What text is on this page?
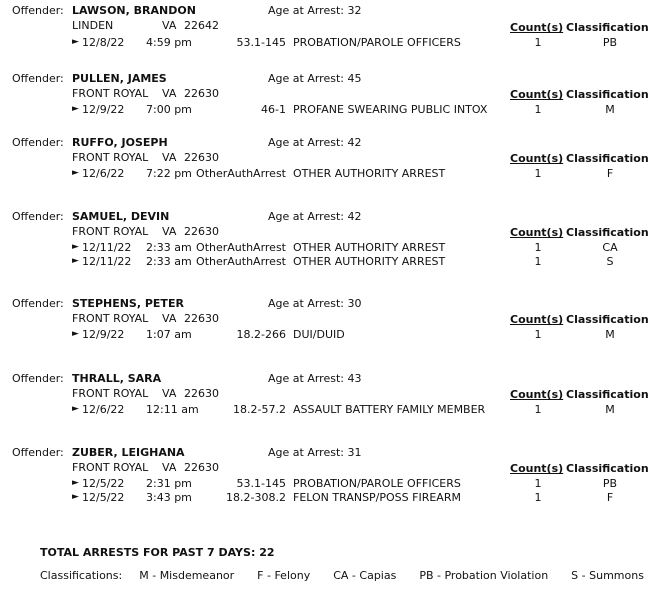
Offender: LAWSON, BRANDON	Age at Arrest: 32
LINDEN	VA 22642	Count(s) Classification
► 12/8/22 4:59 pm	53.1-145 PROBATION/PAROLE OFFICERS	1	PB
Offender: PULLEN, JAMES	Age at Arrest: 45
FRONT ROYAL VA 22630	Count(s) Classification
► 12/9/22 7:00 pm	46-1 PROFANE SWEARING PUBLIC INTOX	1	M
Offender: RUFFO, JOSEPH	Age at Arrest: 42
FRONT ROYAL VA 22630	Count(s) Classification
► 12/6/22 7:22 pm OtherAuthArrest OTHER AUTHORITY ARREST	1	F
Offender: SAMUEL, DEVIN	Age at Arrest: 42
FRONT ROYAL VA 22630	Count(s) Classification
► 12/11/22 2:33 am OtherAuthArrest OTHER AUTHORITY ARREST	1	CA
► 12/11/22 2:33 am OtherAuthArrest OTHER AUTHORITY ARREST	1	S
Offender: STEPHENS, PETER	Age at Arrest: 30
FRONT ROYAL VA 22630	Count(s) Classification
► 12/9/22 1:07 am	18.2-266 DUI/DUID	1	M
Offender: THRALL, SARA	Age at Arrest: 43
FRONT ROYAL VA 22630	Count(s) Classification
► 12/6/22 12:11 am	18.2-57.2 ASSAULT BATTERY FAMILY MEMBER	1	M
Offender: ZUBER, LEIGHANA	Age at Arrest: 31
FRONT ROYAL VA 22630	Count(s) Classification
► 12/5/22 2:31 pm	53.1-145 PROBATION/PAROLE OFFICERS	1	PB
► 12/5/22 3:43 pm	18.2-308.2 FELON TRANSP/POSS FIREARM	1	F
TOTAL ARRESTS FOR PAST 7 DAYS: 22
Classifications: M - Misdemeanor F - Felony CA - Capias PB - Probation Violation S - Summons
